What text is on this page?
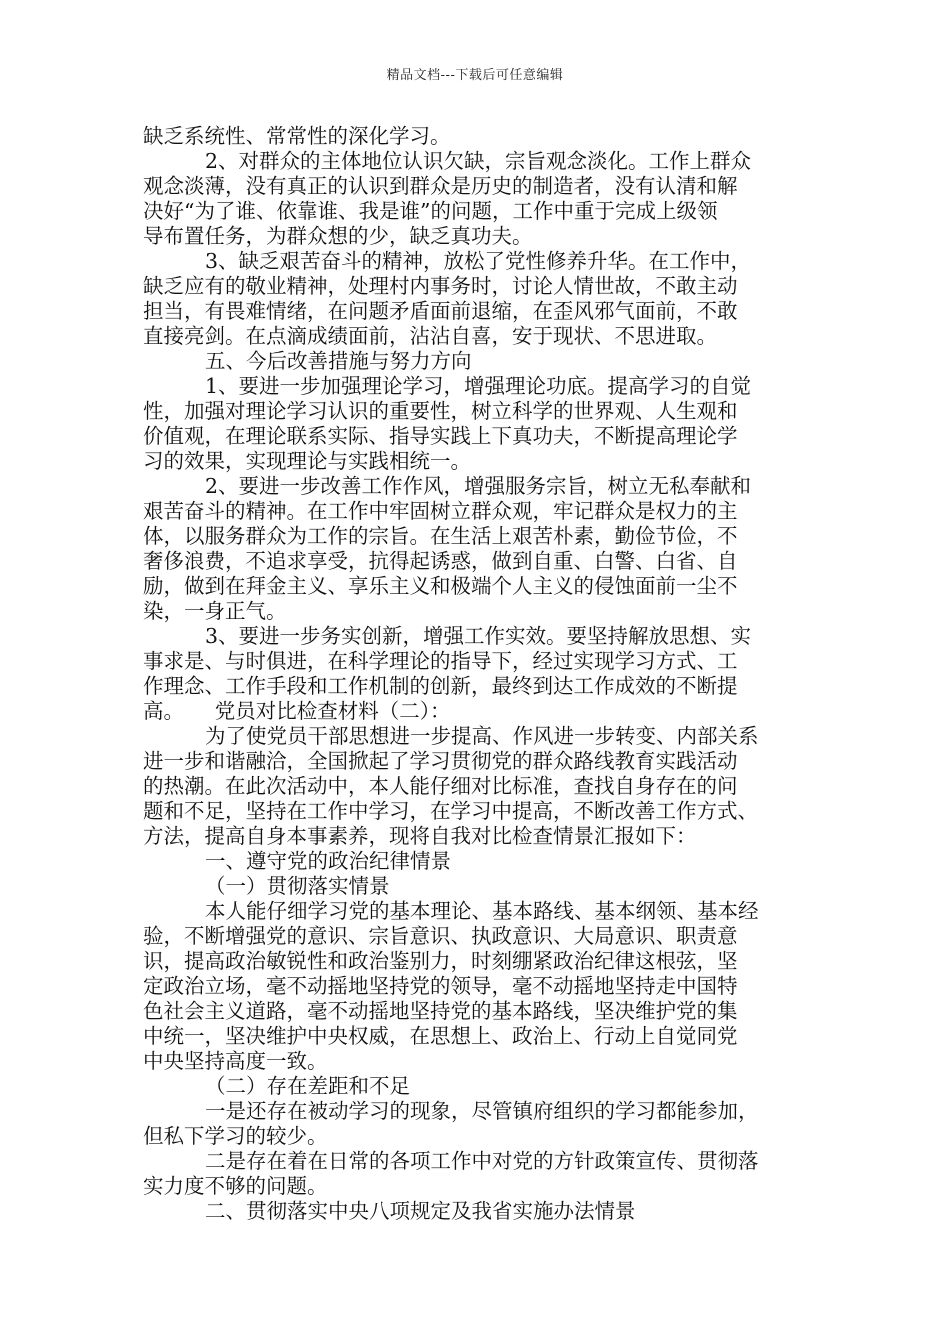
精品文档---下载后可任意编辑
缺乏系统性、常常性的深化学习。
2、对群众的主体地位认识欠缺，宗旨观念淡化。工作上群众
观念淡薄，没有真正的认识到群众是历史的制造者，没有认清和解
决好“为了谁、依靠谁、我是谁”的问题，工作中重于完成上级领
导布置任务，为群众想的少，缺乏真功夫。
3、缺乏艰苦奋斗的精神，放松了党性修养升华。在工作中，
缺乏应有的敬业精神，处理村内事务时，讨论人情世故，不敢主动
担当，有畏难情绪，在问题矛盾面前退缩，在歪风邪气面前，不敢
直接亮剑。在点滴成绩面前，沾沾自喜，安于现状、不思进取。
五、今后改善措施与努力方向
1、要进一步加强理论学习，增强理论功底。提高学习的自觉
性，加强对理论学习认识的重要性，树立科学的世界观、人生观和
价值观，在理论联系实际、指导实践上下真功夫，不断提高理论学
习的效果，实现理论与实践相统一。
2、要进一步改善工作作风，增强服务宗旨，树立无私奉献和
艰苦奋斗的精神。在工作中牢固树立群众观，牢记群众是权力的主
体，以服务群众为工作的宗旨。在生活上艰苦朴素，勤俭节俭，不
奢侈浪费，不追求享受，抗得起诱惑，做到自重、白警、白省、自
励，做到在拜金主义、享乐主义和极端个人主义的侵蚀面前一尘不
染，一身正气。
3、要进一步务实创新，增强工作实效。要坚持解放思想、实
事求是、与时俱进，在科学理论的指导下，经过实现学习方式、工
作理念、工作手段和工作机制的创新，最终到达工作成效的不断提
高。　　党员对比检查材料（二）：
为了使党员干部思想进一步提高、作风进一步转变、内部关系
进一步和谐融洽，全国掀起了学习贯彻党的群众路线教育实践活动
的热潮。在此次活动中，本人能仔细对比标准，查找自身存在的问
题和不足，坚持在工作中学习，在学习中提高，不断改善工作方式、
方法，提高自身本事素养，现将自我对比检查情景汇报如下：
一、遵守党的政治纪律情景
（一）贯彻落实情景
本人能仔细学习党的基本理论、基本路线、基本纲领、基本经
验，不断增强党的意识、宗旨意识、执政意识、大局意识、职责意
识，提高政治敏锐性和政治鉴别力，时刻绷紧政治纪律这根弦，坚
定政治立场，毫不动摇地坚持党的领导，毫不动摇地坚持走中国特
色社会主义道路，毫不动摇地坚持党的基本路线，坚决维护党的集
中统一，坚决维护中央权威，在思想上、政治上、行动上自觉同党
中央坚持高度一致。
（二）存在差距和不足
一是还存在被动学习的现象，尽管镇府组织的学习都能参加，
但私下学习的较少。
二是存在着在日常的各项工作中对党的方针政策宣传、贯彻落
实力度不够的问题。
二、贯彻落实中央八项规定及我省实施办法情景
